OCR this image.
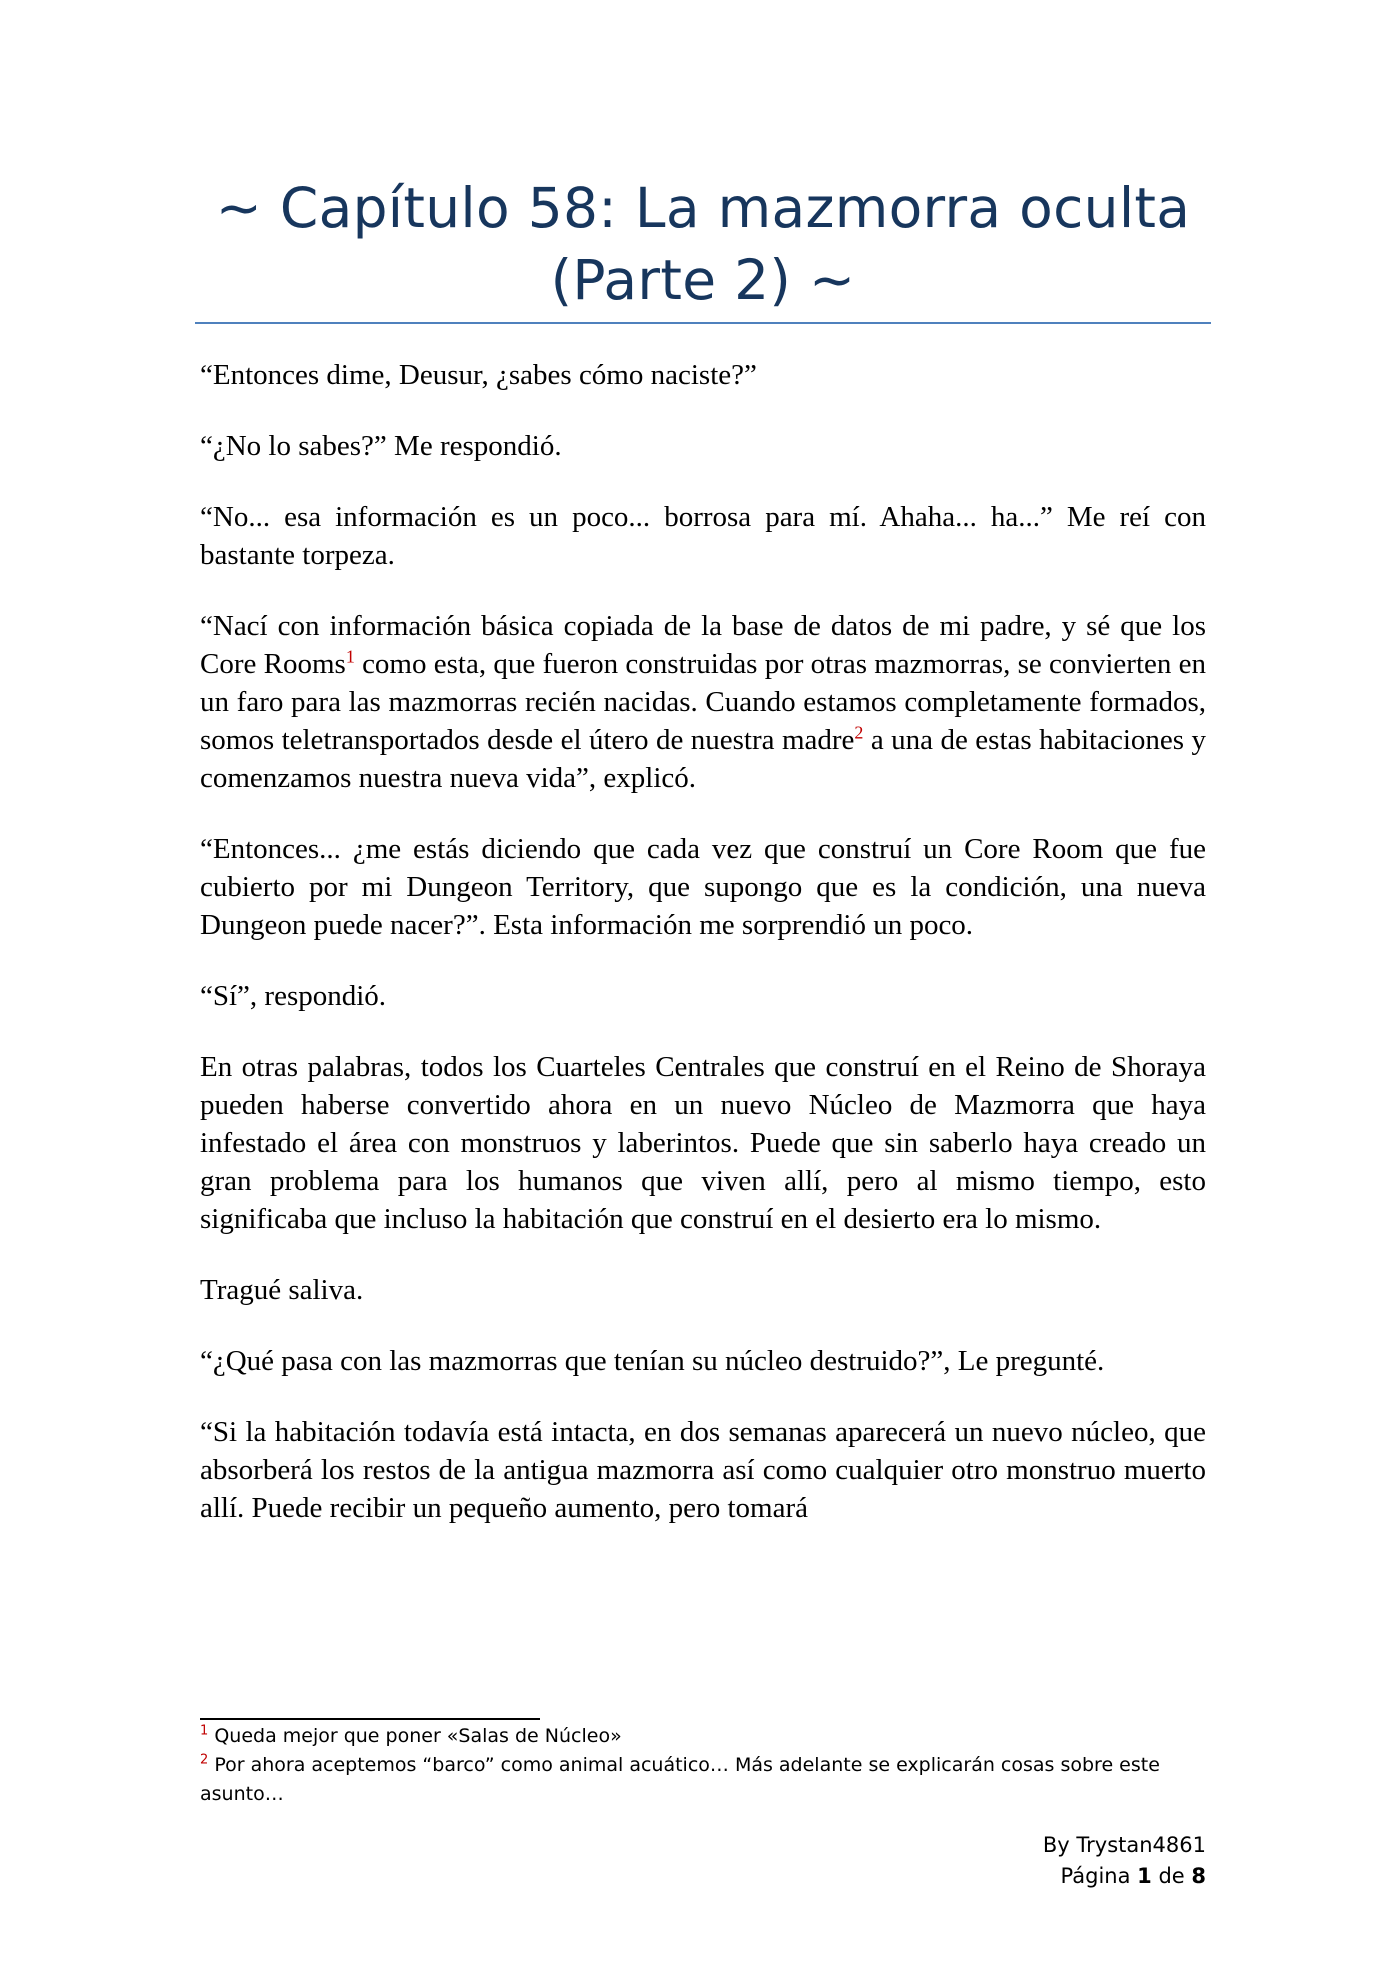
~ Capítulo 58: La mazmorra oculta
(Parte 2) ~

“Entonces dime, Deusur, ¿sabes cómo naciste?”

“¿No lo sabes?” Me respondió.

“No... esa información es un poco... borrosa para mí. Ahaha... ha...” Me reí con bastante torpeza.

“Nací con información básica copiada de la base de datos de mi padre, y sé que los Core Rooms$^1$ como esta, que fueron construidas por otras mazmorras, se convierten en un faro para las mazmorras recién nacidas. Cuando estamos completamente formados, somos teletransportados desde el útero de nuestra madre$^2$ a una de estas habitaciones y comenzamos nuestra nueva vida”, explicó.

“Entonces... ¿me estás diciendo que cada vez que construí un Core Room que fue cubierto por mi Dungeon Territory, que supongo que es la condición, una nueva Dungeon puede nacer?”. Esta información me sorprendió un poco.

“Sí”, respondió.

En otras palabras, todos los Cuarteles Centrales que construí en el Reino de Shoraya pueden haberse convertido ahora en un nuevo Núcleo de Mazmorra que haya infestado el área con monstruos y laberintos. Puede que sin saberlo haya creado un gran problema para los humanos que viven allí, pero al mismo tiempo, esto significaba que incluso la habitación que construí en el desierto era lo mismo.

Tragué saliva.

“¿Qué pasa con las mazmorras que tenían su núcleo destruido?”, Le pregunté.

“Si la habitación todavía está intacta, en dos semanas aparecerá un nuevo núcleo, que absorberá los restos de la antigua mazmorra así como cualquier otro monstruo muerto allí. Puede recibir un pequeño aumento, pero tomará

$^1$ Queda mejor que poner «Salas de Núcleo»

$^2$ Por ahora aceptemos “barco” como animal acuático… Más adelante se explicarán cosas sobre este asunto…

By Trystan4861
Página 1 de 8
